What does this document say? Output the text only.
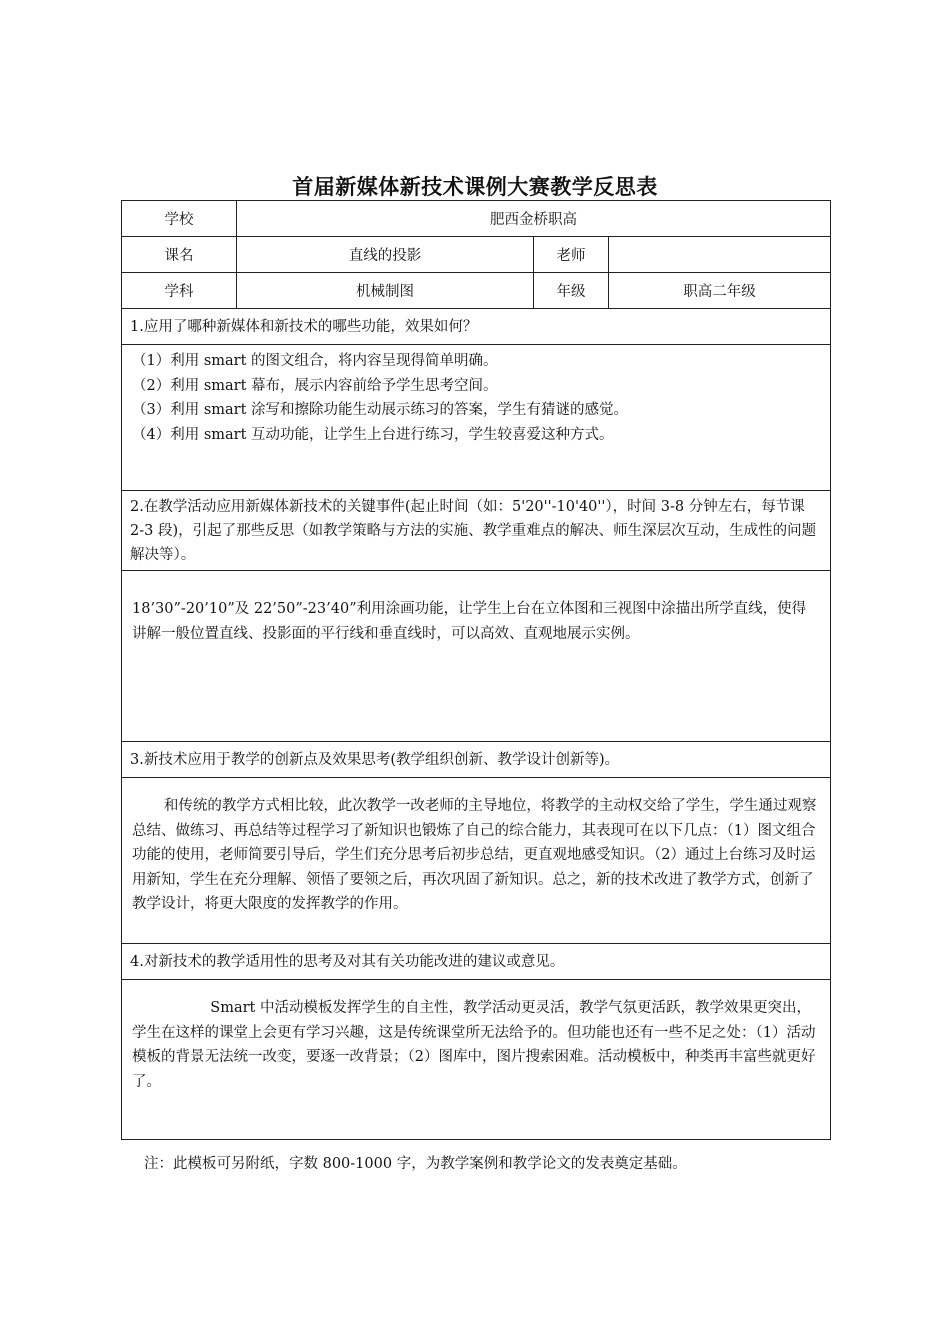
首届新媒体新技术课例大赛教学反思表
学校	肥西金桥职高		
课名	直线的投影	老师	
学科	机械制图	年级	职高二年级
1.应用了哪种新媒体和新技术的哪些功能，效果如何？			

（1）利用 smart 的图文组合，将内容呈现得简单明确。

（2）利用 smart 幕布，展示内容前给予学生思考空间。

（3）利用 smart 涂写和擦除功能生动展示练习的答案，学生有猜谜的感觉。

（4）利用 smart 互动功能，让学生上台进行练习，学生较喜爱这种方式。			

2.在教学活动应用新媒体新技术的关键事件(起止时间（如：5'20''-10'40''），时间 3-8 分钟左右，每节课 2-3 段)，引起了那些反思（如教学策略与方法的实施、教学重难点的解决、师生深层次互动，生成性的问题解决等）。			

18’30”-20’10”及 22’50”-23’40”利用涂画功能，让学生上台在立体图和三视图中涂描出所学直线，使得讲解一般位置直线、投影面的平行线和垂直线时，可以高效、直观地展示实例。			

3.新技术应用于教学的创新点及效果思考(教学组织创新、教学设计创新等)。			

和传统的教学方式相比较，此次教学一改老师的主导地位，将教学的主动权交给了学生，学生通过观察总结、做练习、再总结等过程学习了新知识也锻炼了自己的综合能力，其表现可在以下几点：（1）图文组合功能的使用，老师简要引导后，学生们充分思考后初步总结，更直观地感受知识。（2）通过上台练习及时运用新知，学生在充分理解、领悟了要领之后，再次巩固了新知识。总之，新的技术改进了教学方式，创新了教学设计，将更大限度的发挥教学的作用。			

4.对新技术的教学适用性的思考及对其有关功能改进的建议或意见。			

Smart 中活动模板发挥学生的自主性，教学活动更灵活，教学气氛更活跃，教学效果更突出，学生在这样的课堂上会更有学习兴趣，这是传统课堂所无法给予的。但功能也还有一些不足之处：（1）活动模板的背景无法统一改变，要逐一改背景；（2）图库中，图片搜索困难。活动模板中，种类再丰富些就更好了。			

注：此模板可另附纸，字数 800-1000 字，为教学案例和教学论文的发表奠定基础。
